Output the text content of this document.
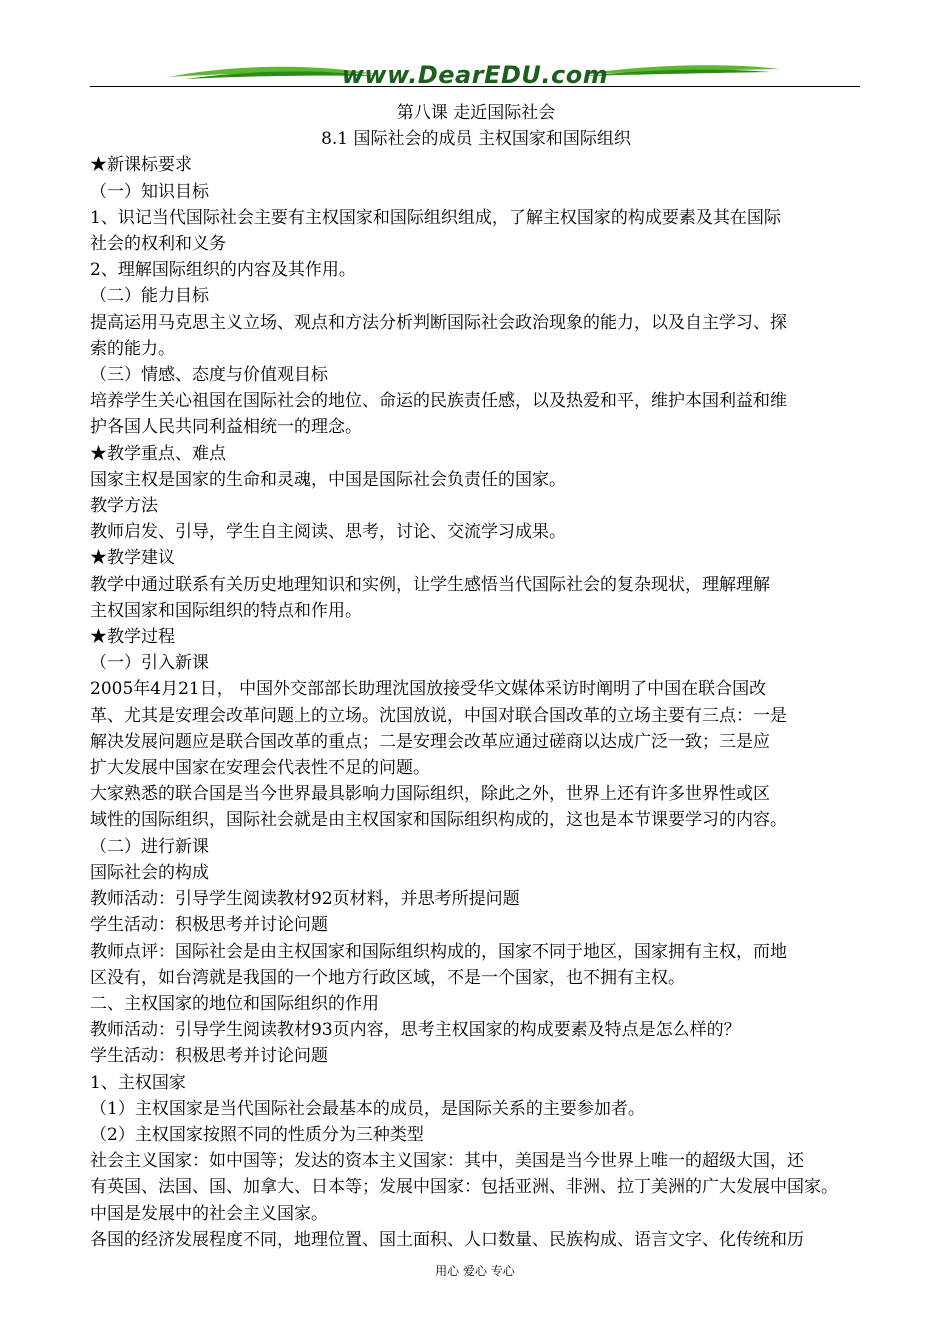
www.DearEDU.com
第八课 走近国际社会
8.1 国际社会的成员 主权国家和国际组织
★新课标要求
（一）知识目标
1、识记当代国际社会主要有主权国家和国际组织组成，了解主权国家的构成要素及其在国际
社会的权利和义务
2、理解国际组织的内容及其作用。
（二）能力目标
提高运用马克思主义立场、观点和方法分析判断国际社会政治现象的能力，以及自主学习、探
索的能力。
（三）情感、态度与价值观目标
培养学生关心祖国在国际社会的地位、命运的民族责任感，以及热爱和平，维护本国利益和维
护各国人民共同利益相统一的理念。
★教学重点、难点
国家主权是国家的生命和灵魂，中国是国际社会负责任的国家。
教学方法
教师启发、引导，学生自主阅读、思考，讨论、交流学习成果。
★教学建议
教学中通过联系有关历史地理知识和实例，让学生感悟当代国际社会的复杂现状，理解理解
主权国家和国际组织的特点和作用。
★教学过程
（一）引入新课
2005年4月21日， 中国外交部部长助理沈国放接受华文媒体采访时阐明了中国在联合国改
革、尤其是安理会改革问题上的立场。沈国放说，中国对联合国改革的立场主要有三点：一是
解决发展问题应是联合国改革的重点；二是安理会改革应通过磋商以达成广泛一致；三是应
扩大发展中国家在安理会代表性不足的问题。
大家熟悉的联合国是当今世界最具影响力国际组织，除此之外，世界上还有许多世界性或区
域性的国际组织，国际社会就是由主权国家和国际组织构成的，这也是本节课要学习的内容。
（二）进行新课
国际社会的构成
教师活动：引导学生阅读教材92页材料，并思考所提问题
学生活动：积极思考并讨论问题
教师点评：国际社会是由主权国家和国际组织构成的，国家不同于地区，国家拥有主权，而地
区没有，如台湾就是我国的一个地方行政区域，不是一个国家，也不拥有主权。
二、主权国家的地位和国际组织的作用
教师活动：引导学生阅读教材93页内容，思考主权国家的构成要素及特点是怎么样的？
学生活动：积极思考并讨论问题
1、主权国家
（1）主权国家是当代国际社会最基本的成员，是国际关系的主要参加者。
（2）主权国家按照不同的性质分为三种类型
社会主义国家：如中国等；发达的资本主义国家：其中，美国是当今世界上唯一的超级大国，还
有英国、法国、国、加拿大、日本等；发展中国家：包括亚洲、非洲、拉丁美洲的广大发展中国家。
中国是发展中的社会主义国家。
各国的经济发展程度不同，地理位置、国土面积、人口数量、民族构成、语言文字、化传统和历
用心 爱心 专心
